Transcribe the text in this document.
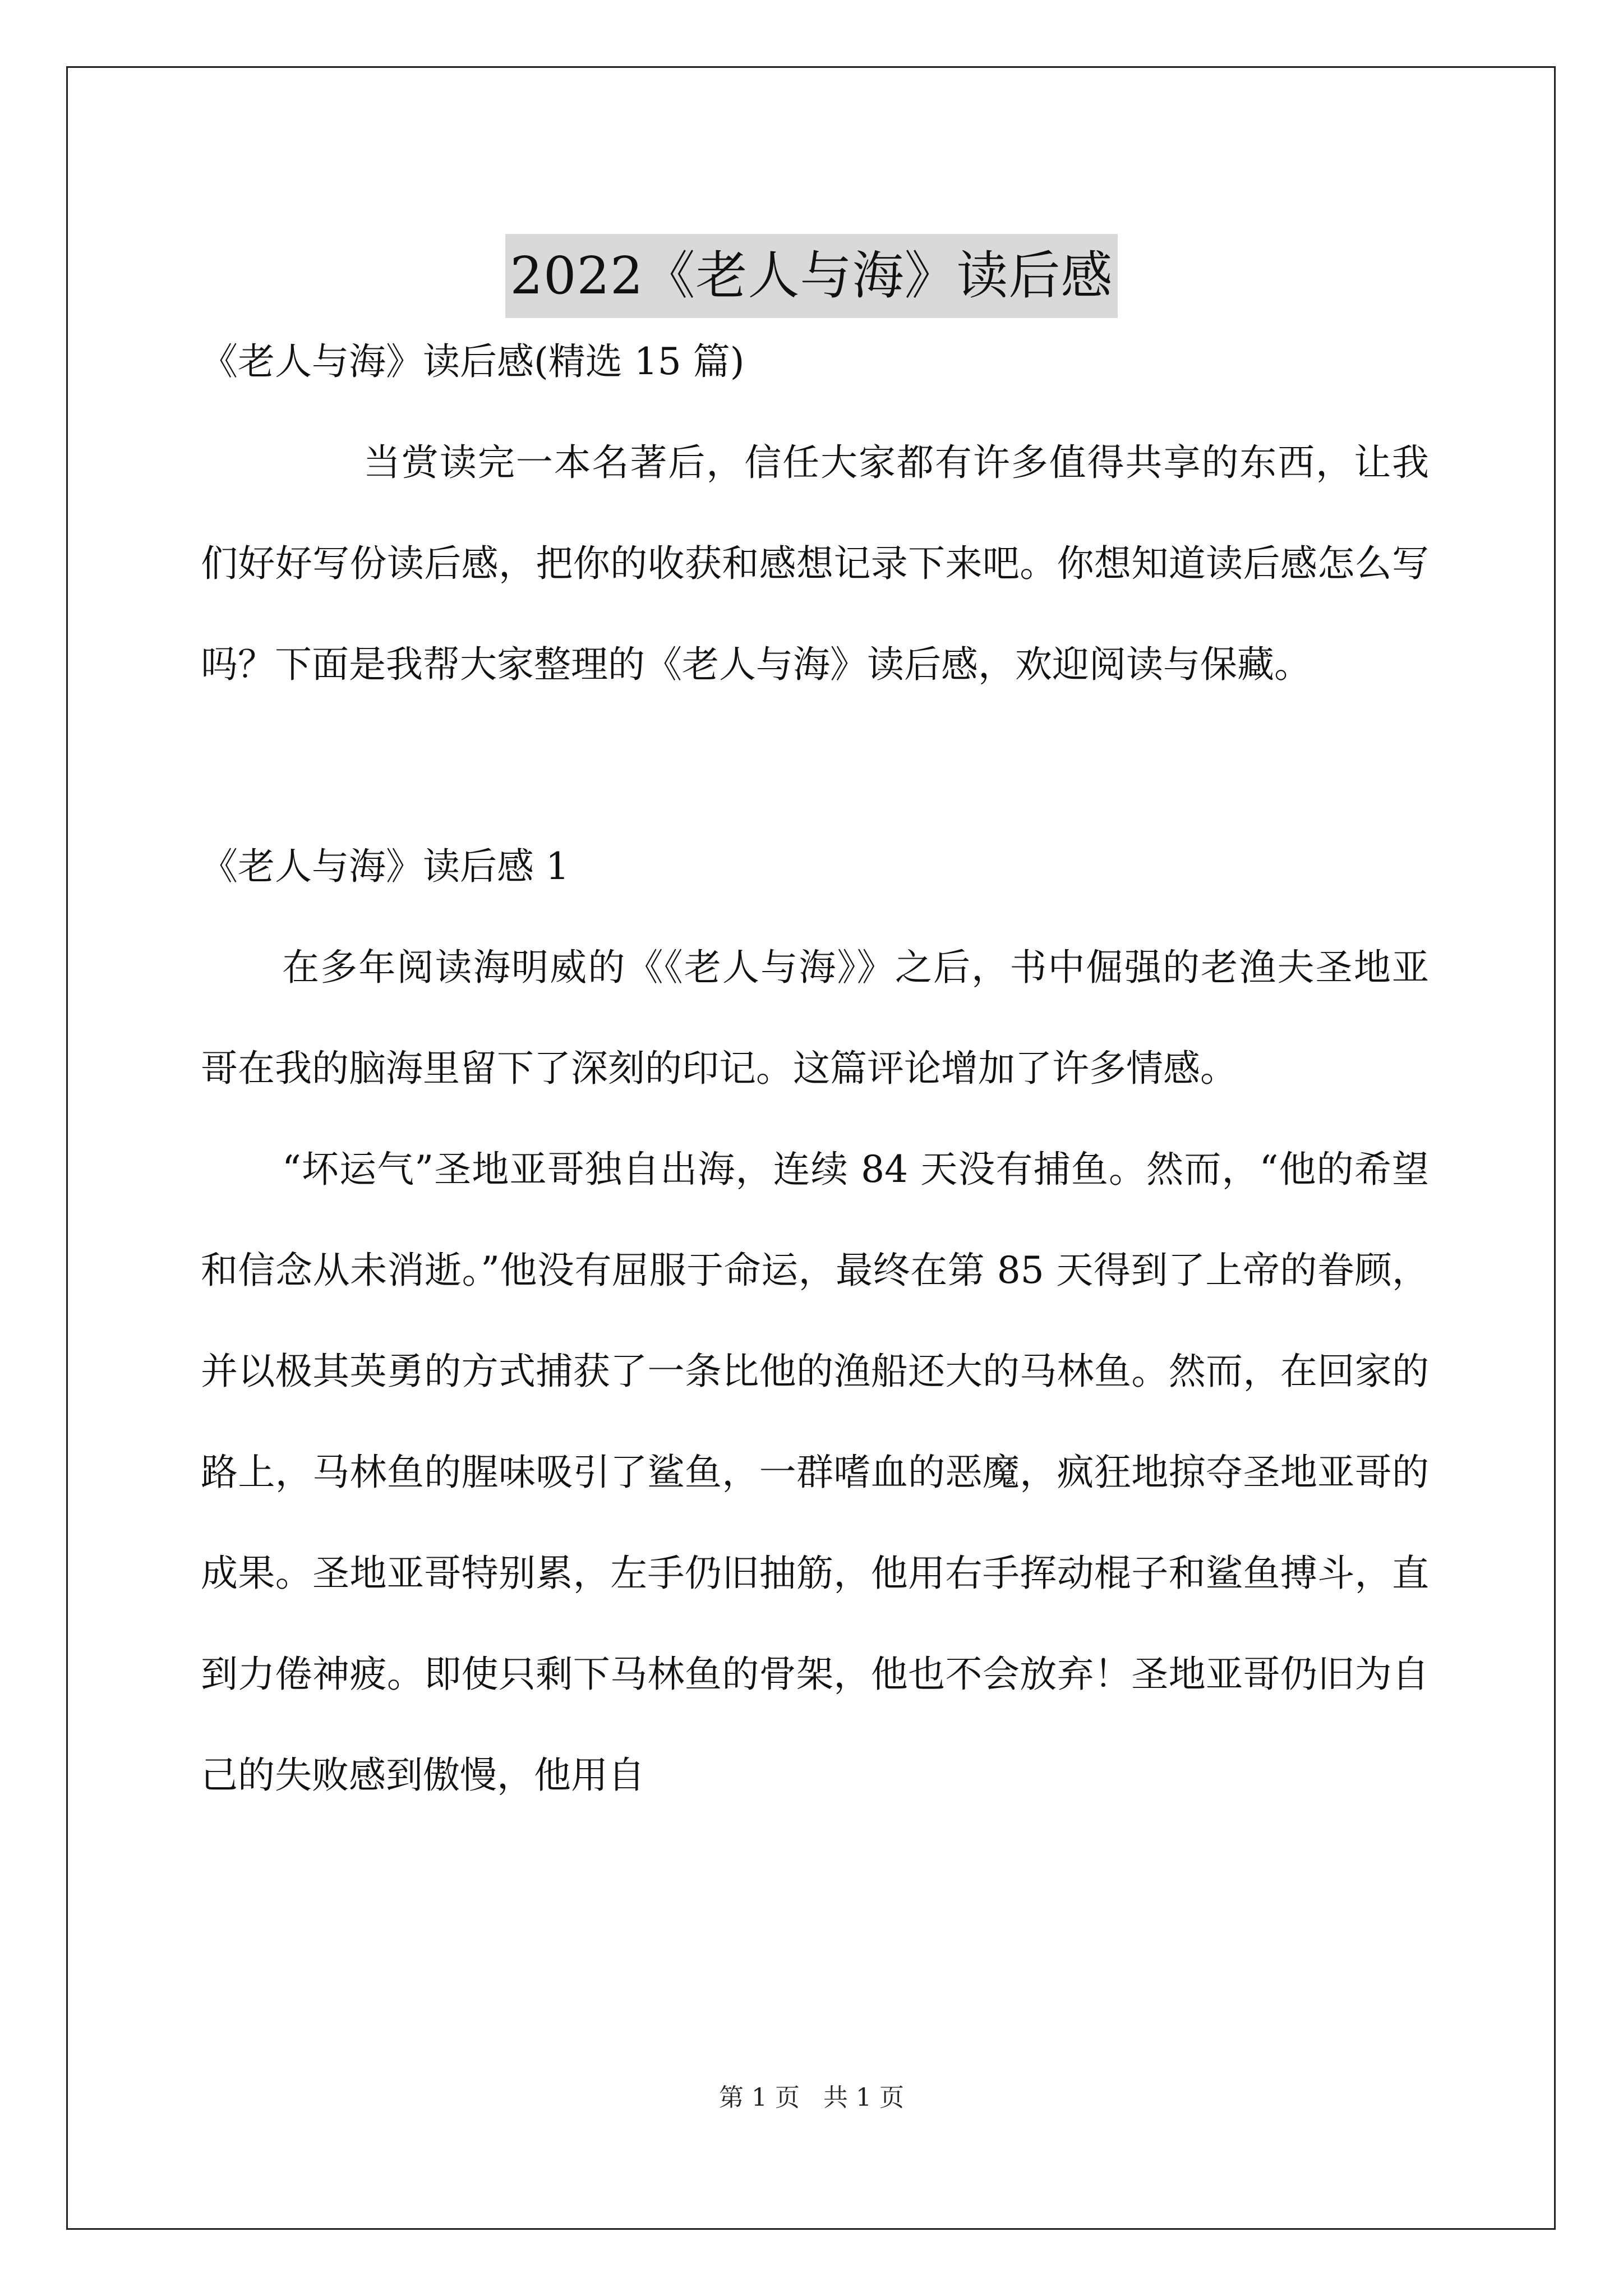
2022《老人与海》读后感

《老人与海》读后感(精选 15 篇)

当赏读完一本名著后，信任大家都有许多值得共享的东西，让我们好好写份读后感，把你的收获和感想记录下来吧。你想知道读后感怎么写吗？下面是我帮大家整理的《老人与海》读后感，欢迎阅读与保藏。

《老人与海》读后感 1

在多年阅读海明威的《《老人与海》》之后，书中倔强的老渔夫圣地亚哥在我的脑海里留下了深刻的印记。这篇评论增加了许多情感。

“坏运气”圣地亚哥独自出海，连续 84 天没有捕鱼。然而，“他的希望和信念从未消逝。”他没有屈服于命运，最终在第 85 天得到了上帝的眷顾，并以极其英勇的方式捕获了一条比他的渔船还大的马林鱼。然而，在回家的路上，马林鱼的腥味吸引了鲨鱼，一群嗜血的恶魔，疯狂地掠夺圣地亚哥的成果。圣地亚哥特别累，左手仍旧抽筋，他用右手挥动棍子和鲨鱼搏斗，直到力倦神疲。即使只剩下马林鱼的骨架，他也不会放弃！圣地亚哥仍旧为自己的失败感到傲慢，他用自

第 1 页 共 1 页
